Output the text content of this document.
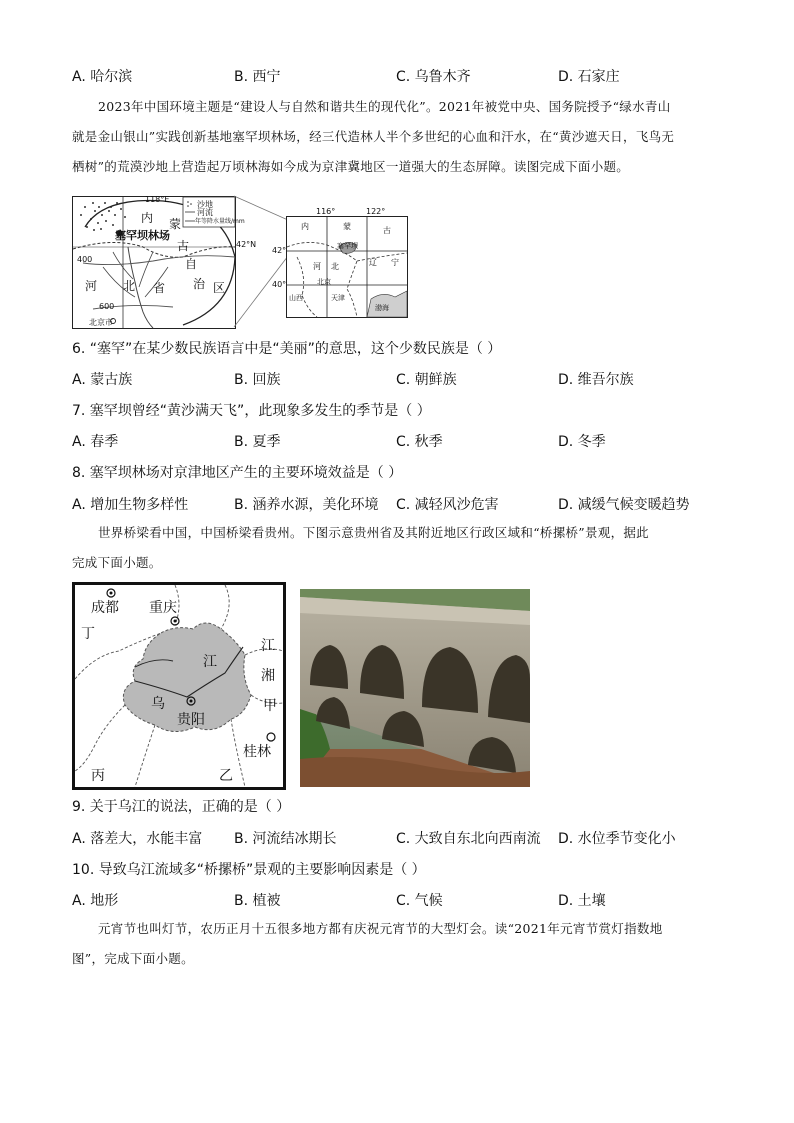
A. 哈尔滨	B. 西宁	C. 乌鲁木齐	D. 石家庄
2023年中国环境主题是“建设人与自然和谐共生的现代化”。2021年被党中央、国务院授予“绿水青山
就是金山银山”实践创新基地塞罕坝林场，经三代造林人半个多世纪的心血和汗水，在“黄沙遮天日，飞鸟无
栖树”的荒漠沙地上营造起万顷林海如今成为京津冀地区一道强大的生态屏障。读图完成下面小题。
118°E
沙地
河流
年等降水量线/mm
内 蒙
古
自
治 区
河 北 省
塞罕坝林场
400
600
北京市
42°N
内	蒙	古
塞罕坝
河 北	辽 宁
北京
天津
渤海
山西
116°	122°
42°
40°
6. “塞罕”在某少数民族语言中是“美丽”的意思，这个少数民族是（ ）
A. 蒙古族	B. 回族	C. 朝鲜族	D. 维吾尔族
7. 塞罕坝曾经“黄沙满天飞”，此现象多发生的季节是（ ）
A. 春季	B. 夏季	C. 秋季	D. 冬季
8. 塞罕坝林场对京津地区产生的主要环境效益是（ ）
A. 增加生物多样性	B. 涵养水源，美化环境 C. 减轻风沙危害	D. 减缓气候变暖趋势
世界桥梁看中国，中国桥梁看贵州。下图示意贵州省及其附近地区行政区域和“桥摞桥”景观，据此
完成下面小题。
成都 重庆
丁
江
乌
贵阳
江
湘
甲
桂林
丙	乙
9. 关于乌江的说法，正确的是（ ）
A. 落差大，水能丰富 B. 河流结冰期长	C. 大致自东北向西南流 D. 水位季节变化小
10. 导致乌江流域多“桥摞桥”景观的主要影响因素是（ ）
A. 地形	B. 植被	C. 气候	D. 土壤
元宵节也叫灯节，农历正月十五很多地方都有庆祝元宵节的大型灯会。读“2021年元宵节赏灯指数地
图”，完成下面小题。
